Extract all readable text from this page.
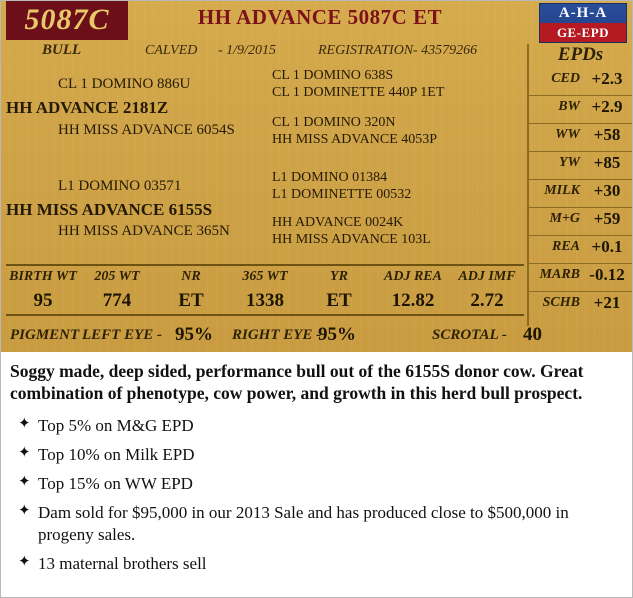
5087C	HH ADVANCE 5087C ET	A-H-A
GE-EPD
BULL	CALVED - 1/9/2015	REGISTRATION - 43579266
CL 1 DOMINO 886U
HH ADVANCE 2181Z
HH MISS ADVANCE 6054S
L1 DOMINO 03571
HH MISS ADVANCE 6155S
HH MISS ADVANCE 365N
CL 1 DOMINO 638S
CL 1 DOMINETTE 440P 1ET
CL 1 DOMINO 320N
HH MISS ADVANCE 4053P
L1 DOMINO 01384
L1 DOMINETTE 00532
HH ADVANCE 0024K
HH MISS ADVANCE 103L
EPDs
CED +2.3
BW +2.9
WW +58
YW +85
MILK +30
M+G +59
REA +0.1
MARB -0.12
SCHB +21
BIRTH WT	205 WT	NR	365 WT	YR	ADJ REA	ADJ IMF
95	774	ET	1338	ET	12.82	2.72
PIGMENT LEFT EYE - 95% RIGHT EYE -
95%	SCROTAL - 40

Soggy made, deep sided, performance bull out of the 6155S donor cow. Great combination of phenotype, cow power, and growth in this herd bull prospect.

✦ Top 5% on M&G EPD
✦ Top 10% on Milk EPD
✦ Top 15% on WW EPD
✦ Dam sold for $95,000 in our 2013 Sale and has produced close to $500,000 in progeny sales.
✦ 13 maternal brothers sell
